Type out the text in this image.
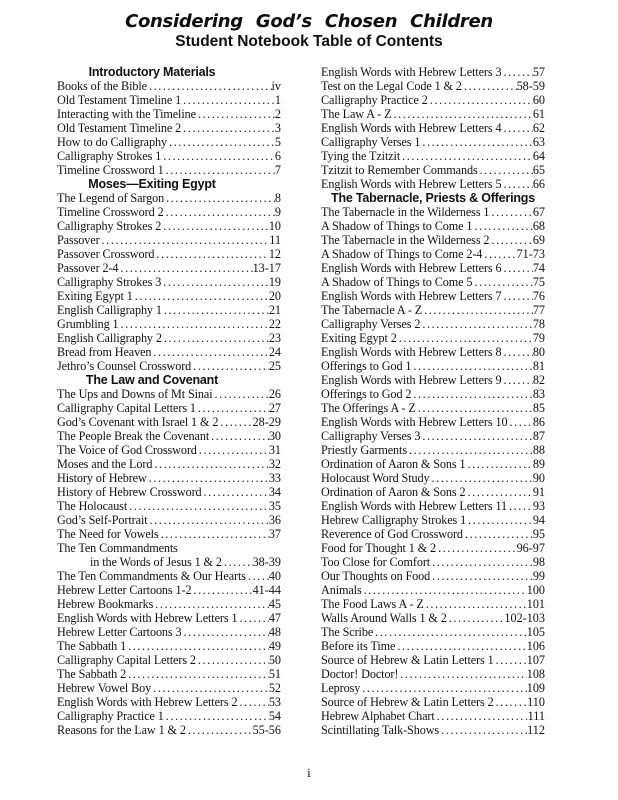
Considering God’s Chosen Children
Student Notebook Table of Contents
Introductory Materials
Books of the Bible .....	iv
Old Testament Timeline 1 .....	1
Interacting with the Timeline .....	2
Old Testament Timeline 2 .....	3
How to do Calligraphy .....	5
Calligraphy Strokes 1 .....	6
Timeline Crossword 1 .....	7
Moses—Exiting Egypt
The Legend of Sargon .....	8
Timeline Crossword 2 .....	9
Calligraphy Strokes 2 .....	10
Passover .....	11
Passover Crossword .....	12
Passover 2-4 .....	13-17
Calligraphy Strokes 3 .....	19
Exiting Egypt 1 .....	20
English Calligraphy 1 .....	21
Grumbling 1 .....	22
English Calligraphy 2 .....	23
Bread from Heaven .....	24
Jethro’s Counsel Crossword .....	25
The Law and Covenant
The Ups and Downs of Mt Sinai .....	26
Calligraphy Capital Letters 1 .....	27
God’s Covenant with Israel 1 & 2 .....	28-29
The People Break the Covenant .....	30
The Voice of God Crossword .....	31
Moses and the Lord .....	32
History of Hebrew .....	33
History of Hebrew Crossword .....	34
The Holocaust .....	35
God’s Self-Portrait .....	36
The Need for Vowels .....	37
The Ten Commandments
in the Words of Jesus 1 & 2 .....	38-39
The Ten Commandments & Our Hearts ..... 40
Hebrew Letter Cartoons 1-2 .....	41-44
Hebrew Bookmarks .....	45
English Words with Hebrew Letters 1 .....	47
Hebrew Letter Cartoons 3 .....	48
The Sabbath 1 .....	49
Calligraphy Capital Letters 2 .....	50
The Sabbath 2 .....	51
Hebrew Vowel Boy .....	52
English Words with Hebrew Letters 2 .....	53
Calligraphy Practice 1 .....	54
Reasons for the Law 1 & 2 .....	55-56
English Words with Hebrew Letters 3 .....	57
Test on the Legal Code 1 & 2 .....	58-59
Calligraphy Practice 2 .....	60
The Law A - Z .....	61
English Words with Hebrew Letters 4 .....	62
Calligraphy Verses 1 .....	63
Tying the Tzitzit .....	64
Tzitzit to Remember Commands .....	65
English Words with Hebrew Letters 5 .....	66
The Tabernacle, Priests & Offerings
The Tabernacle in the Wilderness 1 .....	67
A Shadow of Things to Come 1 .....	68
The Tabernacle in the Wilderness 2 .....	69
A Shadow of Things to Come 2-4 .....	71-73
English Words with Hebrew Letters 6 .....	74
A Shadow of Things to Come 5 .....	75
English Words with Hebrew Letters 7 .....	76
The Tabernacle A - Z .....	77
Calligraphy Verses 2 .....	78
Exiting Egypt 2 .....	79
English Words with Hebrew Letters 8 .....	80
Offerings to God 1 .....	81
English Words with Hebrew Letters 9 .....	82
Offerings to God 2 .....	83
The Offerings A - Z .....	85
English Words with Hebrew Letters 10 ..... 86
Calligraphy Verses 3 .....	87
Priestly Garments .....	88
Ordination of Aaron & Sons 1 .....	89
Holocaust Word Study .....	90
Ordination of Aaron & Sons 2 .....	91
English Words with Hebrew Letters 11 ..... 93
Hebrew Calligraphy Strokes 1 .....	94
Reverence of God Crossword .....	95
Food for Thought 1 & 2 .....	96-97
Too Close for Comfort .....	98
Our Thoughts on Food .....	99
Animals .....	100
The Food Laws A - Z .....	101
Walls Around Walls 1 & 2 .....	102-103
The Scribe .....	105
Before its Time .....	106
Source of Hebrew & Latin Letters 1 .....	107
Doctor! Doctor! .....	108
Leprosy .....	109
Source of Hebrew & Latin Letters 2 .....	110
Hebrew Alphabet Chart .....	111
Scintillating Talk-Shows .....	112
i
